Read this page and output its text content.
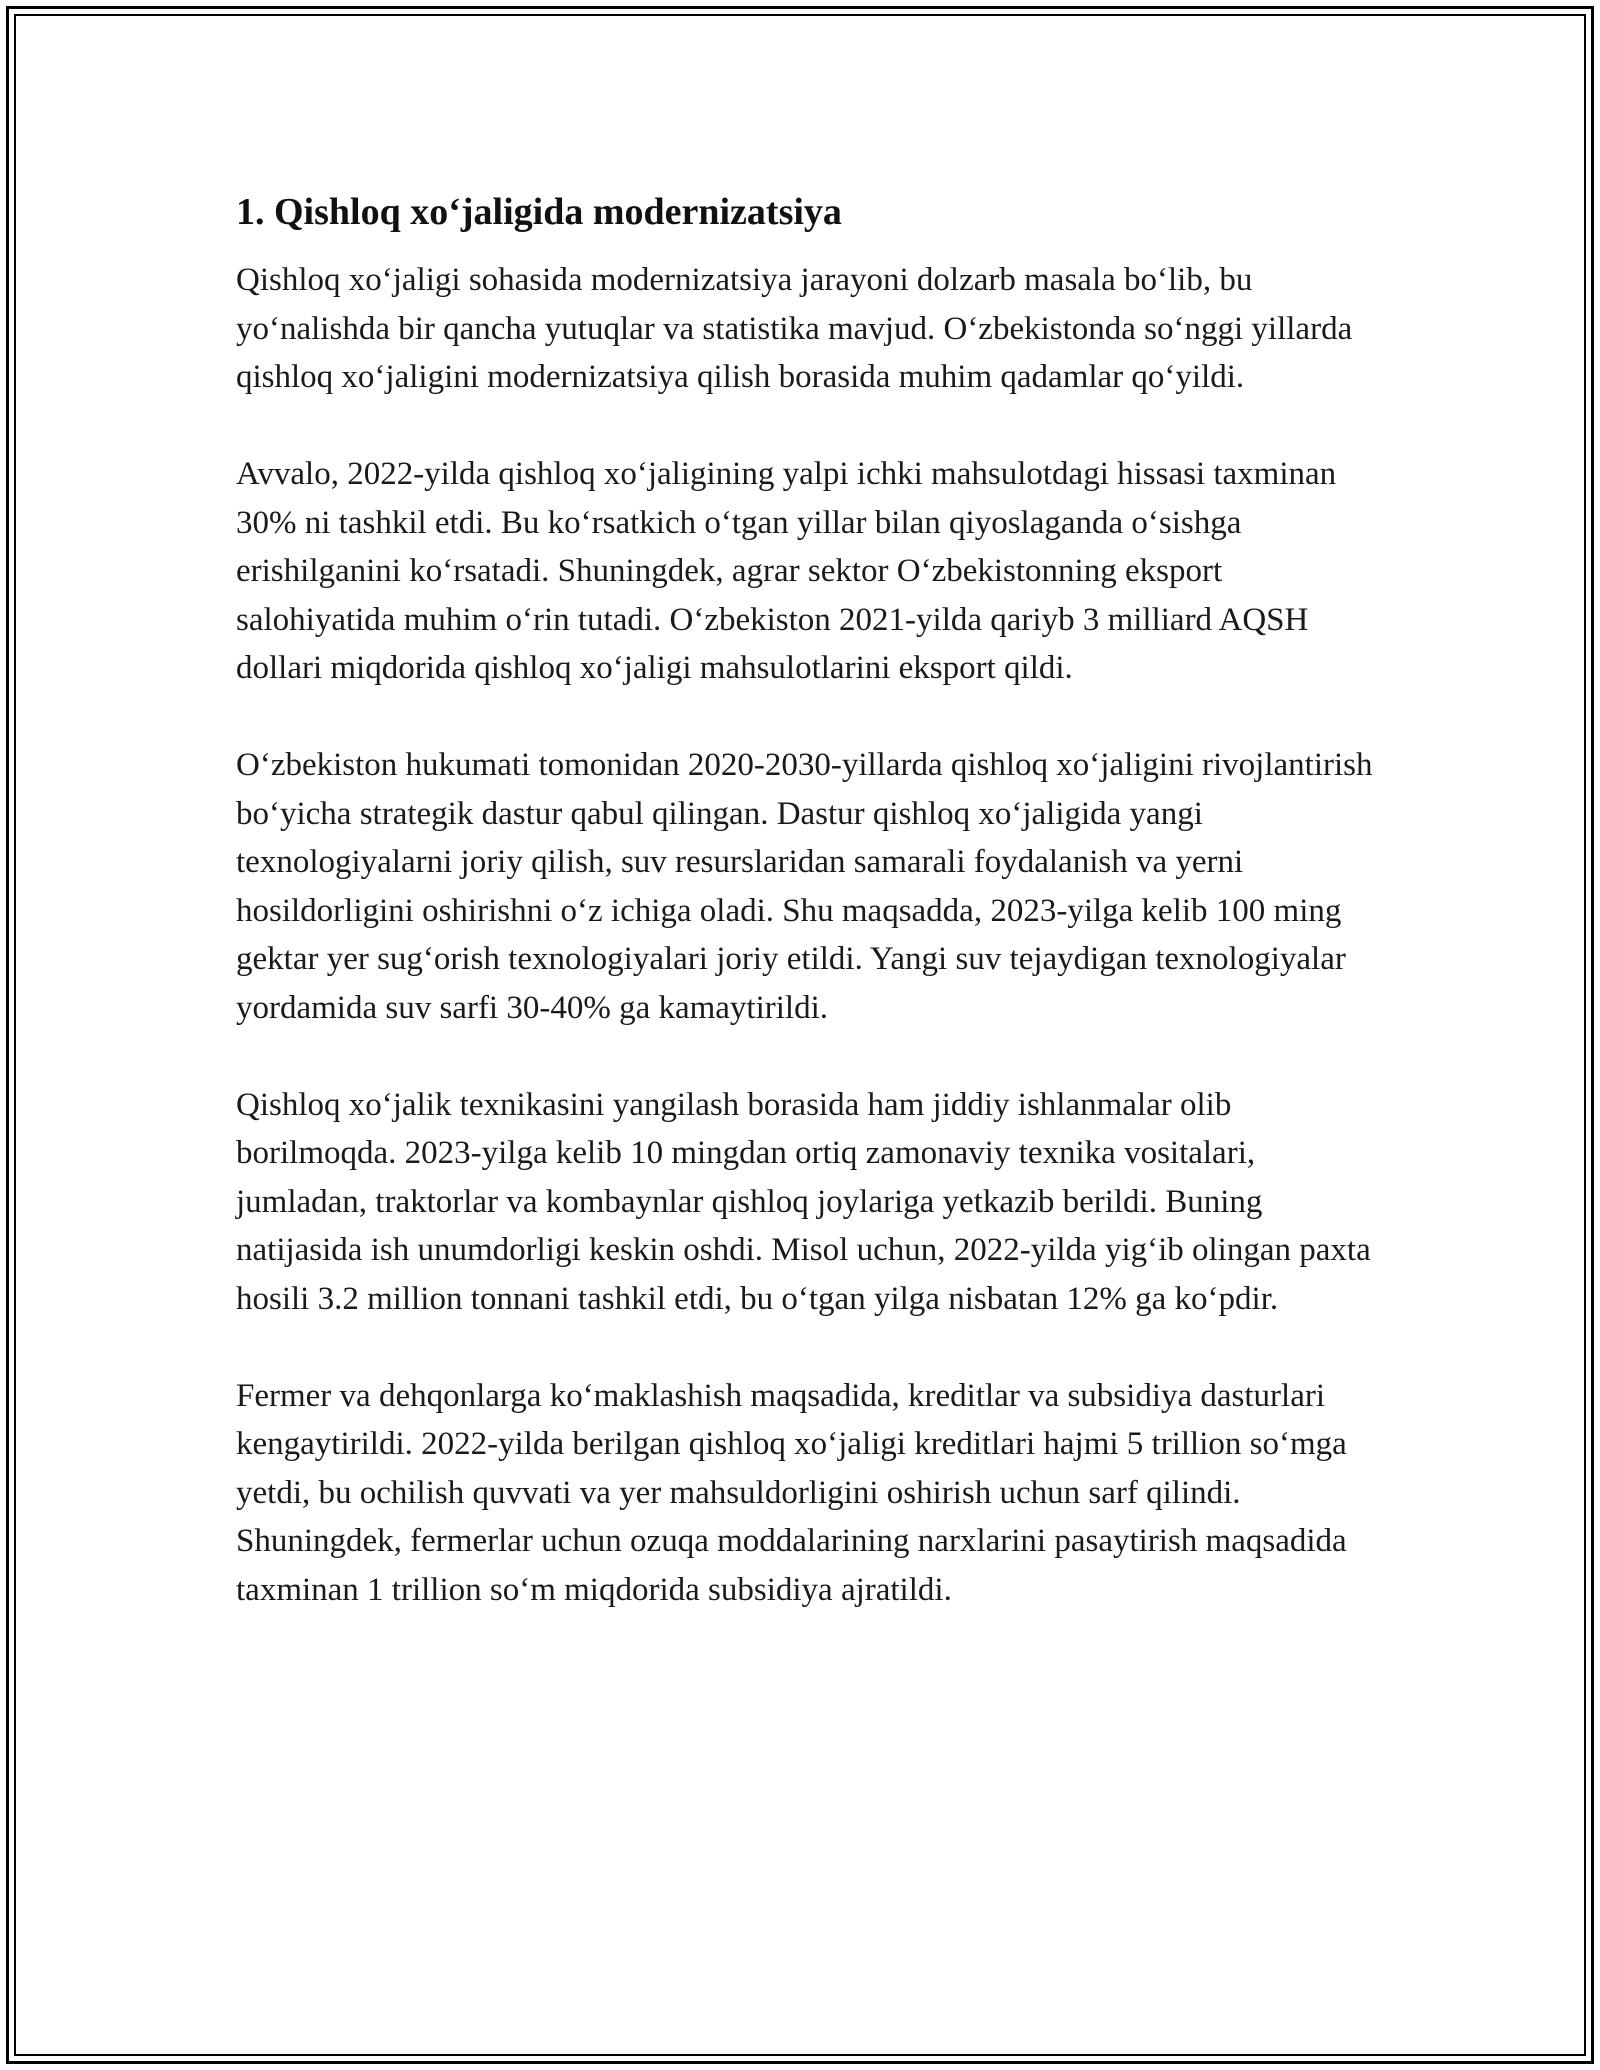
1. Qishloq xo‘jaligida modernizatsiya

Qishloq xo‘jaligi sohasida modernizatsiya jarayoni dolzarb masala bo‘lib, bu yo‘nalishda bir qancha yutuqlar va statistika mavjud. O‘zbekistonda so‘nggi yillarda qishloq xo‘jaligini modernizatsiya qilish borasida muhim qadamlar qo‘yildi.

Avvalo, 2022-yilda qishloq xo‘jaligining yalpi ichki mahsulotdagi hissasi taxminan 30% ni tashkil etdi. Bu ko‘rsatkich o‘tgan yillar bilan qiyoslaganda o‘sishga erishilganini ko‘rsatadi. Shuningdek, agrar sektor O‘zbekistonning eksport salohiyatida muhim o‘rin tutadi. O‘zbekiston 2021-yilda qariyb 3 milliard AQSH dollari miqdorida qishloq xo‘jaligi mahsulotlarini eksport qildi.

O‘zbekiston hukumati tomonidan 2020-2030-yillarda qishloq xo‘jaligini rivojlantirish bo‘yicha strategik dastur qabul qilingan. Dastur qishloq xo‘jaligida yangi texnologiyalarni joriy qilish, suv resurslaridan samarali foydalanish va yerni hosildorligini oshirishni o‘z ichiga oladi. Shu maqsadda, 2023-yilga kelib 100 ming gektar yer sug‘orish texnologiyalari joriy etildi. Yangi suv tejaydigan texnologiyalar yordamida suv sarfi 30-40% ga kamaytirildi.

Qishloq xo‘jalik texnikasini yangilash borasida ham jiddiy ishlanmalar olib borilmoqda. 2023-yilga kelib 10 mingdan ortiq zamonaviy texnika vositalari, jumladan, traktorlar va kombaynlar qishloq joylariga yetkazib berildi. Buning natijasida ish unumdorligi keskin oshdi. Misol uchun, 2022-yilda yig‘ib olingan paxta hosili 3.2 million tonnani tashkil etdi, bu o‘tgan yilga nisbatan 12% ga ko‘pdir.

Fermer va dehqonlarga ko‘maklashish maqsadida, kreditlar va subsidiya dasturlari kengaytirildi. 2022-yilda berilgan qishloq xo‘jaligi kreditlari hajmi 5 trillion so‘mga yetdi, bu ochilish quvvati va yer mahsuldorligini oshirish uchun sarf qilindi. Shuningdek, fermerlar uchun ozuqa moddalarining narxlarini pasaytirish maqsadida taxminan 1 trillion so‘m miqdorida subsidiya ajratildi.
